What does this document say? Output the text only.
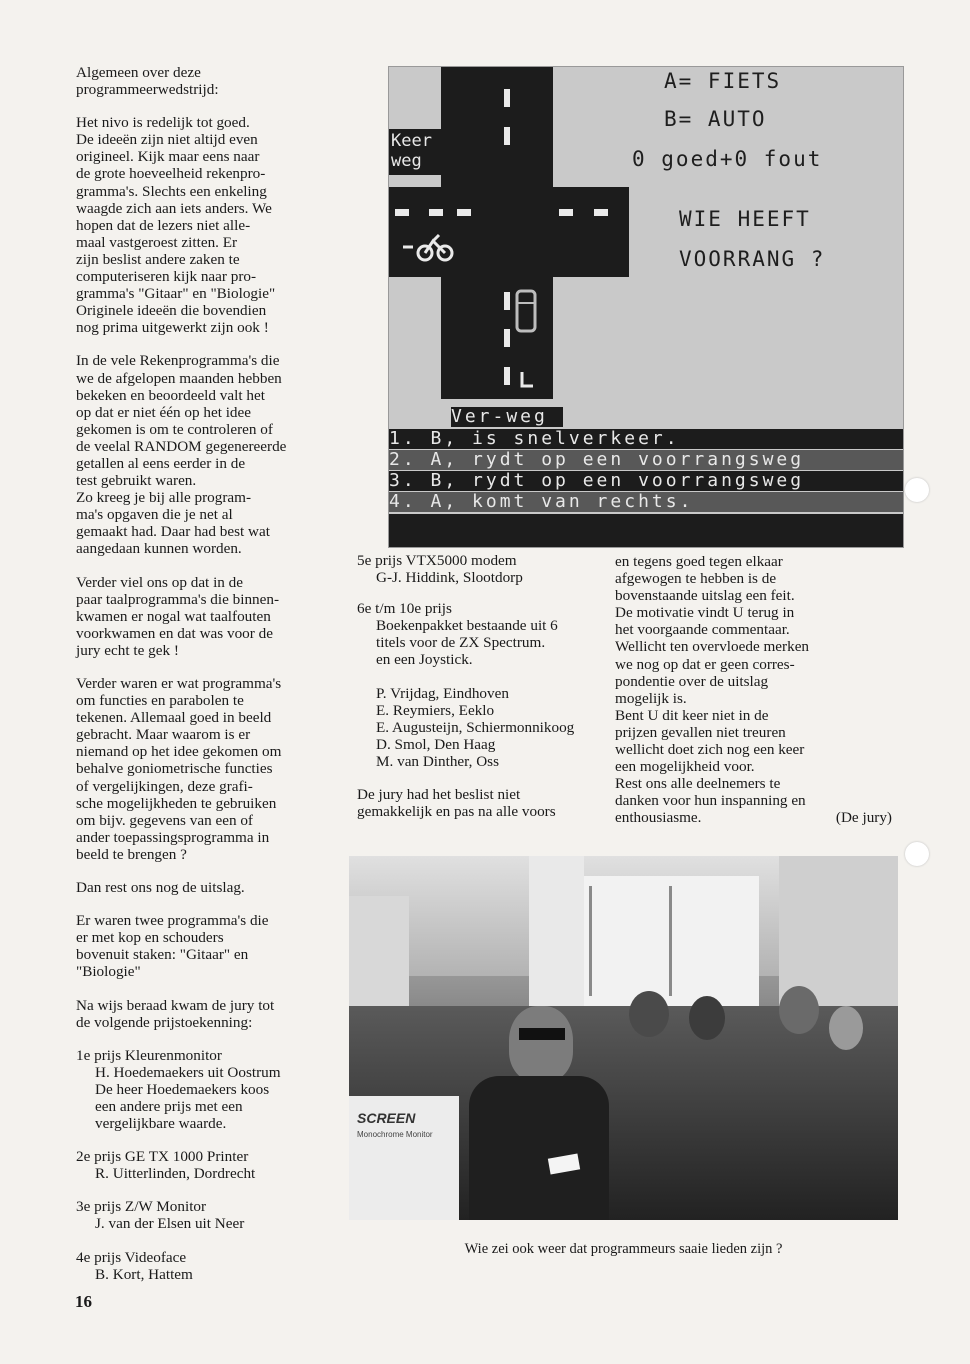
Algemeen over deze
programmeerwedstrijd:

Het nivo is redelijk tot goed.
De ideeën zijn niet altijd even
origineel. Kijk maar eens naar
de grote hoeveelheid rekenpro-
gramma's. Slechts een enkeling
waagde zich aan iets anders. We
hopen dat de lezers niet alle-
maal vastgeroest zitten. Er
zijn beslist andere zaken te
computeriseren kijk naar pro-
gramma's "Gitaar" en "Biologie"
Originele ideeën die bovendien
nog prima uitgewerkt zijn ook !

In de vele Rekenprogramma's die
we de afgelopen maanden hebben
bekeken en beoordeeld valt het
op dat er niet één op het idee
gekomen is om te controleren of
de veelal RANDOM gegenereerde
getallen al eens eerder in de
test gebruikt waren.
Zo kreeg je bij alle program-
ma's opgaven die je net al
gemaakt had. Daar had best wat
aangedaan kunnen worden.

Verder viel ons op dat in de
paar taalprogramma's die binnen-
kwamen er nogal wat taalfouten
voorkwamen en dat was voor de
jury echt te gek !

Verder waren er wat programma's
om functies en parabolen te
tekenen. Allemaal goed in beeld
gebracht. Maar waarom is er
niemand op het idee gekomen om
behalve goniometrische functies
of vergelijkingen, deze grafi-
sche mogelijkheden te gebruiken
om bijv. gegevens van een of
ander toepassingsprogramma in
beeld te brengen ?

Dan rest ons nog de uitslag.

Er waren twee programma's die
er met kop en schouders
bovenuit staken: "Gitaar" en
"Biologie"

Na wijs beraad kwam de jury tot
de volgende prijstoekenning:

1e prijs Kleurenmonitor
H. Hoedemaekers uit Oostrum
De heer Hoedemaekers koos
een andere prijs met een
vergelijkbare waarde.

2e prijs GE TX 1000 Printer
R. Uitterlinden, Dordrecht

3e prijs Z/W Monitor
J. van der Elsen uit Neer

4e prijs Videoface
B. Kort, Hattem

Keer
weg
A= FIETS
B= AUTO
0 goed+0 fout
WIE HEEFT
VOORRANG ?
Ver-weg
1. B, is snelverkeer.
2. A, rydt op een voorrangsweg
3. B, rydt op een voorrangsweg
4. A, komt van rechts.

5e prijs VTX5000 modem
G-J. Hiddink, Slootdorp

6e t/m 10e prijs
Boekenpakket bestaande uit 6
titels voor de ZX Spectrum.
en een Joystick.

P. Vrijdag, Eindhoven
E. Reymiers, Eeklo
E. Augusteijn, Schiermonnikoog
D. Smol, Den Haag
M. van Dinther, Oss

De jury had het beslist niet
gemakkelijk en pas na alle voors

en tegens goed tegen elkaar
afgewogen te hebben is de
bovenstaande uitslag een feit.
De motivatie vindt U terug in
het voorgaande commentaar.
Wellicht ten overvloede merken
we nog op dat er geen corres-
pondentie over de uitslag
mogelijk is.
Bent U dit keer niet in de
prijzen gevallen niet treuren
wellicht doet zich nog een keer
een mogelijkheid voor.
Rest ons alle deelnemers te
danken voor hun inspanning en

enthousiasme.	(De jury)
SCREEN
Monochrome Monitor
Wie zei ook weer dat programmeurs saaie lieden zijn ?
16
